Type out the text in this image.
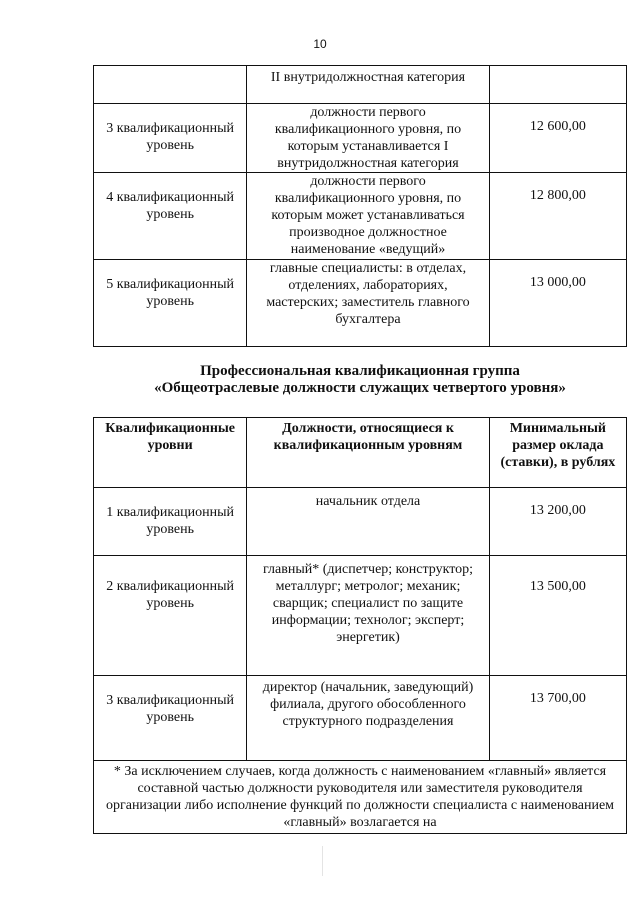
10
	II внутридолжностная категория	
3 квалификационный уровень	должности первого квалификационного уровня, по которым устанавливается I внутридолжностная категория	12 600,00
4 квалификационный уровень	должности первого квалификационного уровня, по которым может устанавливаться производное должностное наименование «ведущий»	12 800,00
5 квалификационный уровень	главные специалисты: в отделах, отделениях, лабораториях, мастерских; заместитель главного бухгалтера	13 000,00
Профессиональная квалификационная группа
«Общеотраслевые должности служащих четвертого уровня»
Квалификационные уровни	Должности, относящиеся к квалификационным уровням	Минимальный размер оклада (ставки), в рублях
1 квалификационный уровень	начальник отдела	13 200,00
2 квалификационный уровень	главный* (диспетчер; конструктор; металлург; метролог; механик; сварщик; специалист по защите информации; технолог; эксперт; энергетик)	13 500,00
3 квалификационный уровень	директор (начальник, заведующий) филиала, другого обособленного структурного подразделения	13 700,00
* За исключением случаев, когда должность с наименованием «главный» является составной частью должности руководителя или заместителя руководителя организации либо исполнение функций по должности специалиста с наименованием «главный» возлагается на		
